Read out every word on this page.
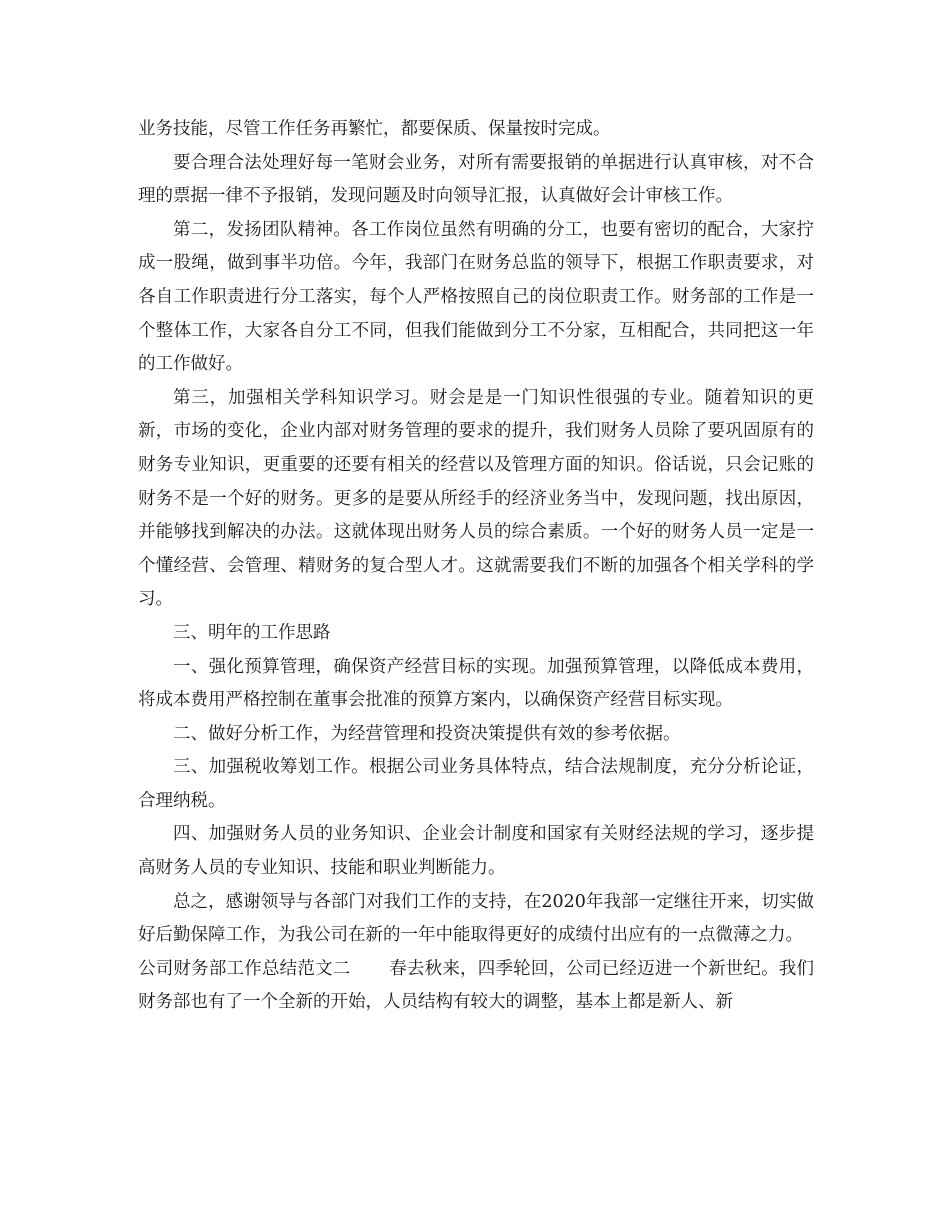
业务技能，尽管工作任务再繁忙，都要保质、保量按时完成。

要合理合法处理好每一笔财会业务，对所有需要报销的单据进行认真审核，对不合理的票据一律不予报销，发现问题及时向领导汇报，认真做好会计审核工作。

第二，发扬团队精神。各工作岗位虽然有明确的分工，也要有密切的配合，大家拧成一股绳，做到事半功倍。今年，我部门在财务总监的领导下，根据工作职责要求，对各自工作职责进行分工落实，每个人严格按照自己的岗位职责工作。财务部的工作是一个整体工作，大家各自分工不同，但我们能做到分工不分家，互相配合，共同把这一年的工作做好。

第三，加强相关学科知识学习。财会是是一门知识性很强的专业。随着知识的更新，市场的变化，企业内部对财务管理的要求的提升，我们财务人员除了要巩固原有的财务专业知识，更重要的还要有相关的经营以及管理方面的知识。俗话说，只会记账的财务不是一个好的财务。更多的是要从所经手的经济业务当中，发现问题，找出原因，并能够找到解决的办法。这就体现出财务人员的综合素质。一个好的财务人员一定是一个懂经营、会管理、精财务的复合型人才。这就需要我们不断的加强各个相关学科的学习。

三、明年的工作思路

一、强化预算管理，确保资产经营目标的实现。加强预算管理，以降低成本费用，将成本费用严格控制在董事会批准的预算方案内，以确保资产经营目标实现。

二、做好分析工作，为经营管理和投资决策提供有效的参考依据。

三、加强税收筹划工作。根据公司业务具体特点，结合法规制度，充分分析论证，合理纳税。

四、加强财务人员的业务知识、企业会计制度和国家有关财经法规的学习，逐步提高财务人员的专业知识、技能和职业判断能力。

总之，感谢领导与各部门对我们工作的支持，在2020年我部一定继往开来，切实做好后勤保障工作，为我公司在新的一年中能取得更好的成绩付出应有的一点微薄之力。

公司财务部工作总结范文二 春去秋来，四季轮回，公司已经迈进一个新世纪。我们财务部也有了一个全新的开始，人员结构有较大的调整，基本上都是新人、新
